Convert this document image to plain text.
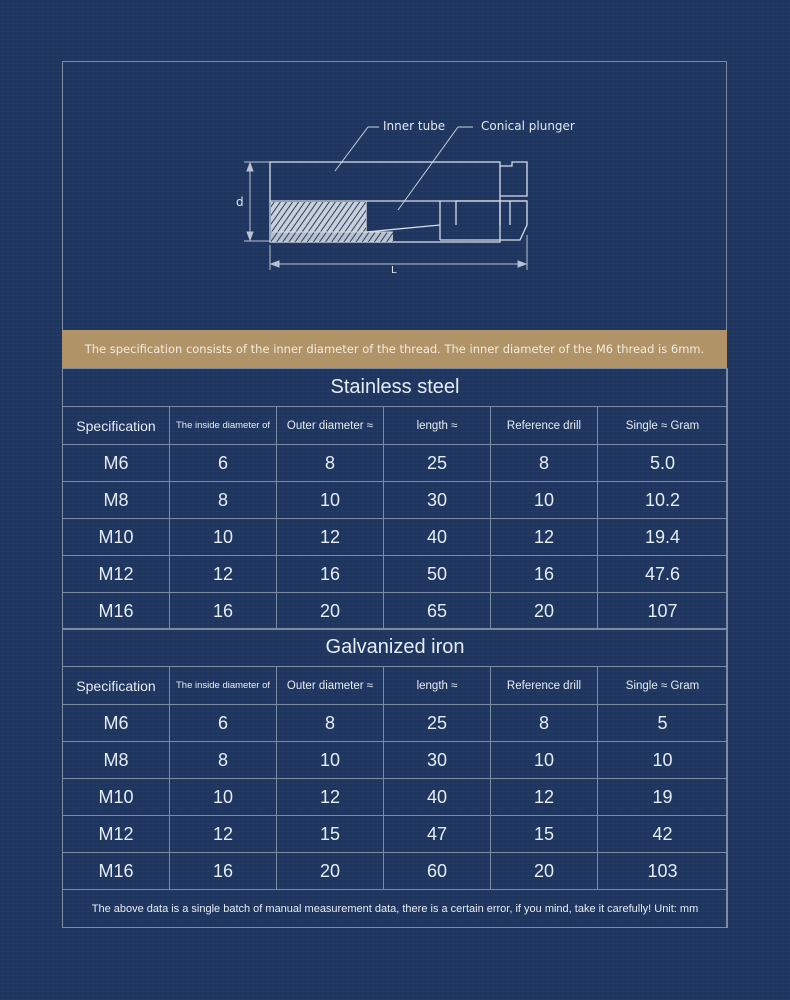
Inner tube	Conical plunger
d
L
The specification consists of the inner diameter of the thread. The inner diameter of the M6 thread is 6mm.
Stainless steel					
Specification	The inside diameter of	Outer diameter ≈	length ≈	Reference drill	Single ≈ Gram
M6	6	8	25	8	5.0
M8	8	10	30	10	10.2
M10	10	12	40	12	19.4
M12	12	16	50	16	47.6
M16	16	20	65	20	107
Galvanized iron					
Specification	The inside diameter of	Outer diameter ≈	length ≈	Reference drill	Single ≈ Gram
M6	6	8	25	8	5
M8	8	10	30	10	10
M10	10	12	40	12	19
M12	12	15	47	15	42
M16	16	20	60	20	103
The above data is a single batch of manual measurement data, there is a certain error, if you mind, take it carefully! Unit: mm					
